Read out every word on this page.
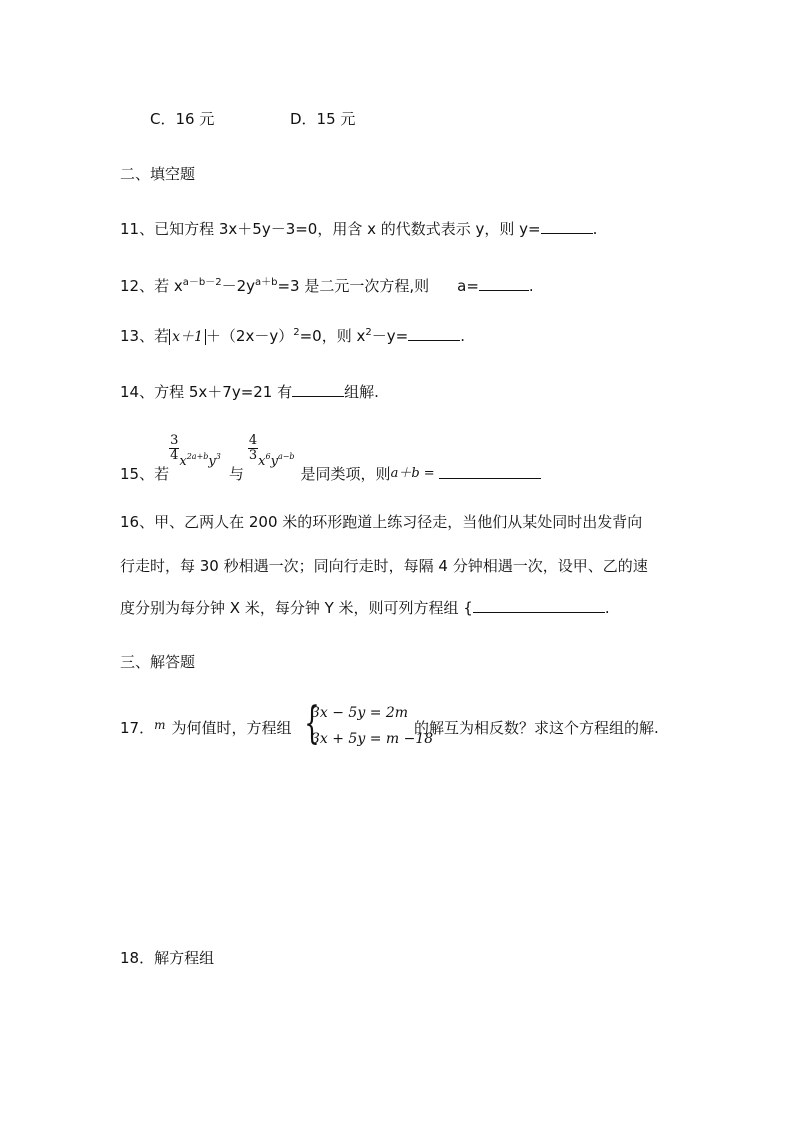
C．16 元	D．15 元
二、填空题
11、已知方程 3x＋5y－3=0，用含 x 的代数式表示 y，则 y=	.
12、若 $x^{a-b-2}-2y^{a+b}=3$ 是二元一次方程,则 a=	.
13、若 $x+1 +(2x-y)^2=0$，则 $x^2-y=$	.
14、方程 5x＋7y=21 有	组解.
15、若
$\frac{3}{4} x^{2a+b}y^3$与
$\frac{4}{3} x^6y^{a-b}$是同类项，则a＋b =
16、甲、乙两人在 200 米的环形跑道上练习径走，当他们从某处同时出发背向
行走时，每 30 秒相遇一次；同向行走时，每隔 4 分钟相遇一次，设甲、乙的速
度分别为每分钟 X 米，每分钟 Y 米，则可列方程组 {	.
三、解答题
17．$^m$ 为何值时，方程组 {
3x − 5y = 2m
3x + 5y = m −18
的解互为相反数？求这个方程组的解.
18．解方程组
